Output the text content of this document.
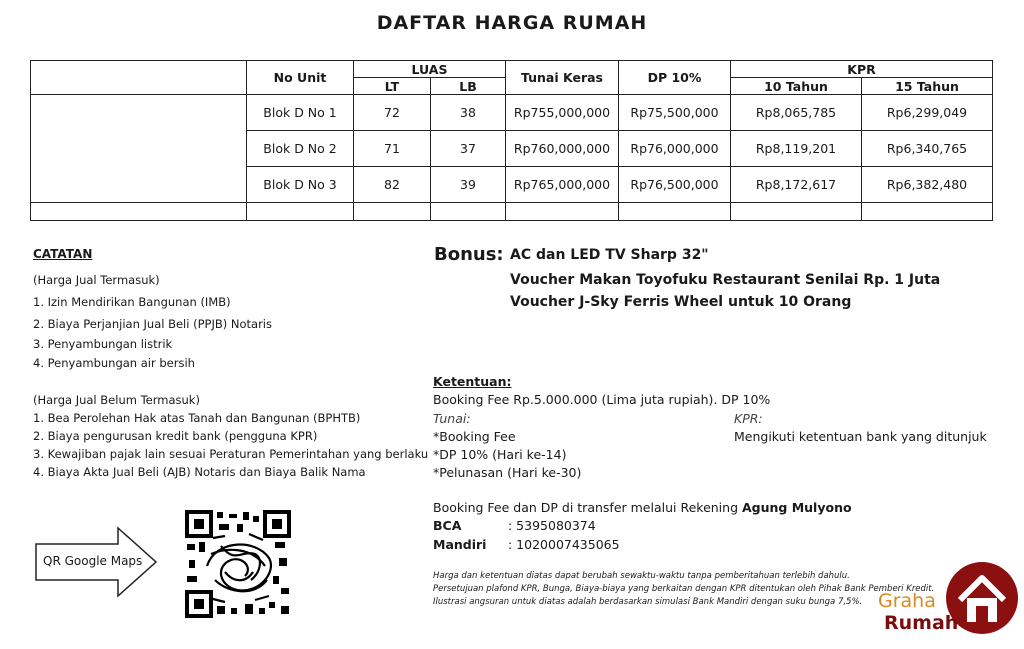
DAFTAR HARGA RUMAH
	No Unit	LUAS		Tunai Keras	DP 10%	KPR	
		LT	LB			10 Tahun	15 Tahun
	Blok D No 1	72	38	Rp755,000,000	Rp75,500,000	Rp8,065,785	Rp6,299,049
	Blok D No 2	71	37	Rp760,000,000	Rp76,000,000	Rp8,119,201	Rp6,340,765
	Blok D No 3	82	39	Rp765,000,000	Rp76,500,000	Rp8,172,617	Rp6,382,480

CATATAN
(Harga Jual Termasuk)
1. Izin Mendirikan Bangunan (IMB)
2. Biaya Perjanjian Jual Beli (PPJB) Notaris
3. Penyambungan listrik
4. Penyambungan air bersih
(Harga Jual Belum Termasuk)
1. Bea Perolehan Hak atas Tanah dan Bangunan (BPHTB)
2. Biaya pengurusan kredit bank (pengguna KPR)
3. Kewajiban pajak lain sesuai Peraturan Pemerintahan yang berlaku
4. Biaya Akta Jual Beli (AJB) Notaris dan Biaya Balik Nama
QR Google Maps
Bonus: AC dan LED TV Sharp 32"
Voucher Makan Toyofuku Restaurant Senilai Rp. 1 Juta
Voucher J-Sky Ferris Wheel untuk 10 Orang
Ketentuan:
Booking Fee Rp.5.000.000 (Lima juta rupiah). DP 10%
Tunai:	KPR:
*Booking Fee	Mengikuti ketentuan bank yang ditunjuk
*DP 10% (Hari ke-14)
*Pelunasan (Hari ke-30)
Booking Fee dan DP di transfer melalui Rekening Agung Mulyono
BCA	: 5395080374
Mandiri : 1020007435065
Harga dan ketentuan diatas dapat berubah sewaktu-waktu tanpa pemberitahuan terlebih dahulu.
Persetujuan plafond KPR, Bunga, Biaya-biaya yang berkaitan dengan KPR ditentukan oleh Pihak Bank Pemberi Kredit.
Ilustrasi angsuran untuk diatas adalah berdasarkan simulasi Bank Mandiri dengan suku bunga 7,5%. Graha
Rumah
